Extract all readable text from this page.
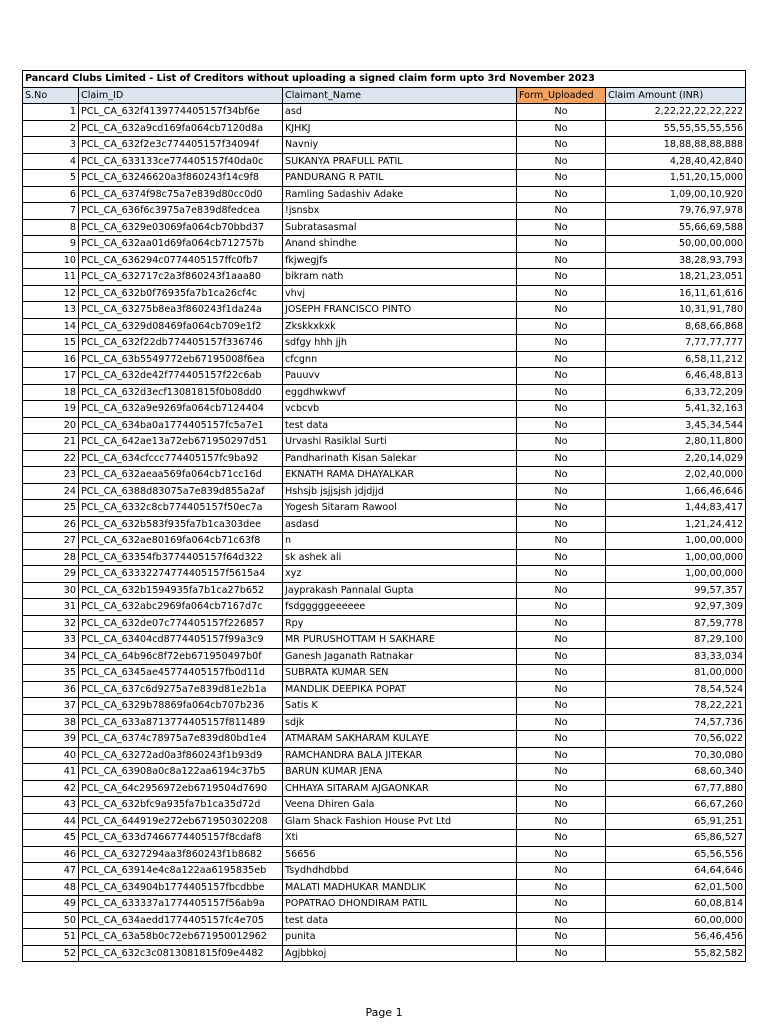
Pancard Clubs Limited - List of Creditors without uploading a signed claim form upto 3rd November 2023				
S.No	Claim_ID	Claimant_Name	Form_Uploaded	Claim Amount (INR)
1	PCL_CA_632f4139774405157f34bf6e	asd	No	2,22,22,22,22,222
2	PCL_CA_632a9cd169fa064cb7120d8a	KJHKJ	No	55,55,55,55,556
3	PCL_CA_632f2e3c774405157f34094f	Navniy	No	18,88,88,88,888
4	PCL_CA_633133ce774405157f40da0c	SUKANYA PRAFULL PATIL	No	4,28,40,42,840
5	PCL_CA_63246620a3f860243f14c9f8	PANDURANG R PATIL	No	1,51,20,15,000
6	PCL_CA_6374f98c75a7e839d80cc0d0	Ramling Sadashiv Adake	No	1,09,00,10,920
7	PCL_CA_636f6c3975a7e839d8fedcea	!jsnsbx	No	79,76,97,978
8	PCL_CA_6329e03069fa064cb70bbd37	Subratasasmal	No	55,66,69,588
9	PCL_CA_632aa01d69fa064cb712757b	Anand shindhe	No	50,00,00,000
10	PCL_CA_636294c0774405157ffc0fb7	fkjwegjfs	No	38,28,93,793
11	PCL_CA_632717c2a3f860243f1aaa80	bikram nath	No	18,21,23,051
12	PCL_CA_632b0f76935fa7b1ca26cf4c	vhvj	No	16,11,61,616
13	PCL_CA_63275b8ea3f860243f1da24a	JOSEPH FRANCISCO PINTO	No	10,31,91,780
14	PCL_CA_6329d08469fa064cb709e1f2	Zkskkxkxk	No	8,68,66,868
15	PCL_CA_632f22db774405157f336746	sdfgy hhh jjh	No	7,77,77,777
16	PCL_CA_63b5549772eb67195008f6ea	cfcgnn	No	6,58,11,212
17	PCL_CA_632de42f774405157f22c6ab	Pauuvv	No	6,46,48,813
18	PCL_CA_632d3ecf13081815f0b08dd0	eggdhwkwvf	No	6,33,72,209
19	PCL_CA_632a9e9269fa064cb7124404	vcbcvb	No	5,41,32,163
20	PCL_CA_634ba0a1774405157fc5a7e1	test data	No	3,45,34,544
21	PCL_CA_642ae13a72eb671950297d51	Urvashi Rasiklal Surti	No	2,80,11,800
22	PCL_CA_634cfccc774405157fc9ba92	Pandharinath Kisan Salekar	No	2,20,14,029
23	PCL_CA_632aeaa569fa064cb71cc16d	EKNATH RAMA DHAYALKAR	No	2,02,40,000
24	PCL_CA_6388d83075a7e839d855a2af	Hshsjb jsjjsjsh jdjdjjd	No	1,66,46,646
25	PCL_CA_6332c8cb774405157f50ec7a	Yogesh Sitaram Rawool	No	1,44,83,417
26	PCL_CA_632b583f935fa7b1ca303dee	asdasd	No	1,21,24,412
27	PCL_CA_632ae80169fa064cb71c63f8	n	No	1,00,00,000
28	PCL_CA_63354fb3774405157f64d322	sk ashek ali	No	1,00,00,000
29	PCL_CA_63332274774405157f5615a4	xyz	No	1,00,00,000
30	PCL_CA_632b1594935fa7b1ca27b652	Jayprakash Pannalal Gupta	No	99,57,357
31	PCL_CA_632abc2969fa064cb7167d7c	fsdgggggeeeeee	No	92,97,309
32	PCL_CA_632de07c774405157f226857	Rpy	No	87,59,778
33	PCL_CA_63404cd8774405157f99a3c9	MR PURUSHOTTAM H SAKHARE	No	87,29,100
34	PCL_CA_64b96c8f72eb671950497b0f	Ganesh Jaganath Ratnakar	No	83,33,034
35	PCL_CA_6345ae45774405157fb0d11d	SUBRATA KUMAR SEN	No	81,00,000
36	PCL_CA_637c6d9275a7e839d81e2b1a	MANDLIK DEEPIKA POPAT	No	78,54,524
37	PCL_CA_6329b78869fa064cb707b236	Satis K	No	78,22,221
38	PCL_CA_633a8713774405157f811489	sdjk	No	74,57,736
39	PCL_CA_6374c78975a7e839d80bd1e4	ATMARAM SAKHARAM KULAYE	No	70,56,022
40	PCL_CA_63272ad0a3f860243f1b93d9	RAMCHANDRA BALA JITEKAR	No	70,30,080
41	PCL_CA_63908a0c8a122aa6194c37b5	BARUN KUMAR JENA	No	68,60,340
42	PCL_CA_64c2956972eb6719504d7690	CHHAYA SITARAM AJGAONKAR	No	67,77,880
43	PCL_CA_632bfc9a935fa7b1ca35d72d	Veena Dhiren Gala	No	66,67,260
44	PCL_CA_644919e272eb671950302208	Glam Shack Fashion House Pvt Ltd	No	65,91,251
45	PCL_CA_633d7466774405157f8cdaf8	Xti	No	65,86,527
46	PCL_CA_6327294aa3f860243f1b8682	56656	No	65,56,556
47	PCL_CA_63914e4c8a122aa6195835eb	Tsydhdhdbbd	No	64,64,646
48	PCL_CA_634904b1774405157fbcdbbe	MALATI MADHUKAR MANDLIK	No	62,01,500
49	PCL_CA_633337a1774405157f56ab9a	POPATRAO DHONDIRAM PATIL	No	60,08,814
50	PCL_CA_634aedd1774405157fc4e705	test data	No	60,00,000
51	PCL_CA_63a58b0c72eb671950012962	punita	No	56,46,456
52	PCL_CA_632c3c0813081815f09e4482	Agjbbkoj	No	55,82,582
Page 1
